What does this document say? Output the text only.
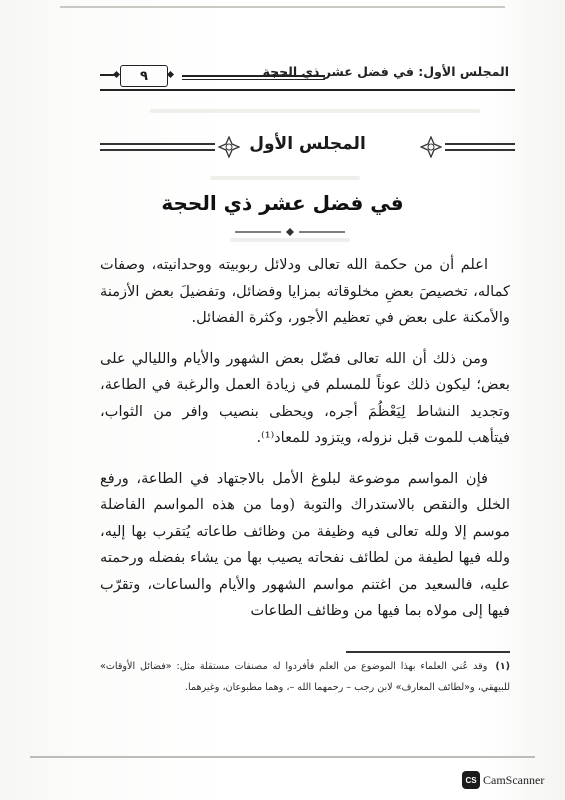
٩	المجلس الأول: في فضل عشر ذي الحجة
المجلس الأول
في فضل عشر ذي الحجة

اعلم أن من حكمة الله تعالى ودلائل ربوبيته ووحدانيته، وصفات كماله، تخصيصَ بعضِ مخلوقاته بمزايا وفضائل، وتفضيلَ بعض الأزمنة والأمكنة على بعض في تعظيم الأجور، وكثرة الفضائل.

ومن ذلك أن الله تعالى فضّل بعض الشهور والأيام والليالي على بعض؛ ليكون ذلك عوناً للمسلم في زيادة العمل والرغبة في الطاعة، وتجديد النشاط لِيَعْظُمَ أجره، ويحظى بنصيب وافر من الثواب، فيتأهب للموت قبل نزوله، ويتزود للمعاد⁽¹⁾.

فإن المواسم موضوعة لبلوغ الأمل بالاجتهاد في الطاعة، ورفع الخلل والنقص بالاستدراك والتوبة (وما من هذه المواسم الفاضلة موسم إلا ولله تعالى فيه وظيفة من وظائف طاعاته يُتقرب بها إليه، ولله فيها لطيفة من لطائف نفحاته يصيب بها من يشاء بفضله ورحمته عليه، فالسعيد من اغتنم مواسم الشهور والأيام والساعات، وتقرّب فيها إلى مولاه بما فيها من وظائف الطاعات

(١)وقد عُني العلماء بهذا الموضوع من العلم فأفردوا له مصنفات مستقلة مثل: «فضائل الأوقات» للبيهقي، و«لطائف المعارف» لابن رجب – رحمهما الله –، وهما مطبوعان، وغيرهما.
CS CamScanner
